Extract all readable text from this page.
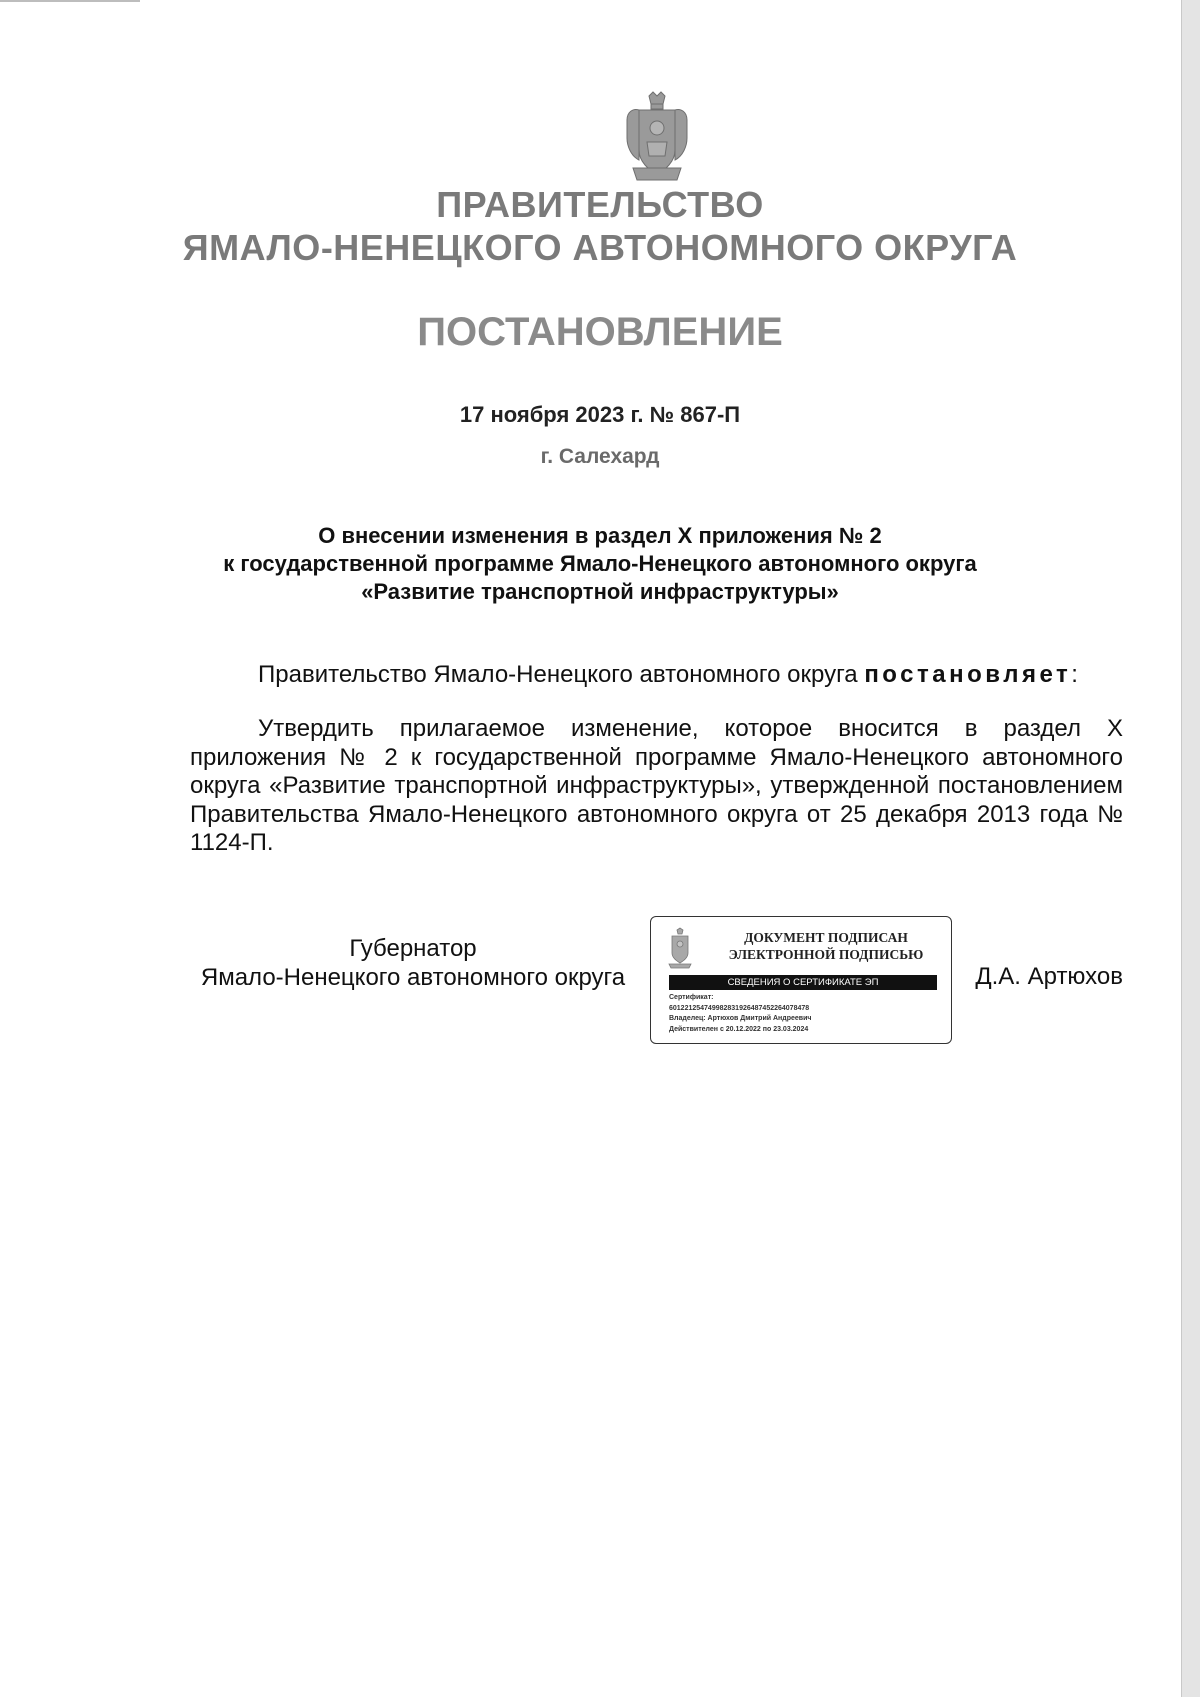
ПРАВИТЕЛЬСТВО
ЯМАЛО-НЕНЕЦКОГО АВТОНОМНОГО ОКРУГА
ПОСТАНОВЛЕНИЕ
17 ноября 2023 г. № 867-П
г. Салехард
О внесении изменения в раздел X приложения № 2
к государственной программе Ямало-Ненецкого автономного округа
«Развитие транспортной инфраструктуры»
Правительство Ямало-Ненецкого автономного округа постановляет:
Утвердить прилагаемое изменение, которое вносится в раздел X приложения № 2 к государственной программе Ямало-Ненецкого автономного округа «Развитие транспортной инфраструктуры», утвержденной постановлением Правительства Ямало-Ненецкого автономного округа от 25 декабря 2013 года № 1124-П.
Губернатор
Ямало-Ненецкого автономного округа
ДОКУМЕНТ ПОДПИСАН
ЭЛЕКТРОННОЙ ПОДПИСЬЮ
СВЕДЕНИЯ О СЕРТИФИКАТЕ ЭП
Сертификат:
601221254749982831926487452264078478
Владелец: Артюхов Дмитрий Андреевич
Действителен с 20.12.2022 по 23.03.2024
Д.А. Артюхов
